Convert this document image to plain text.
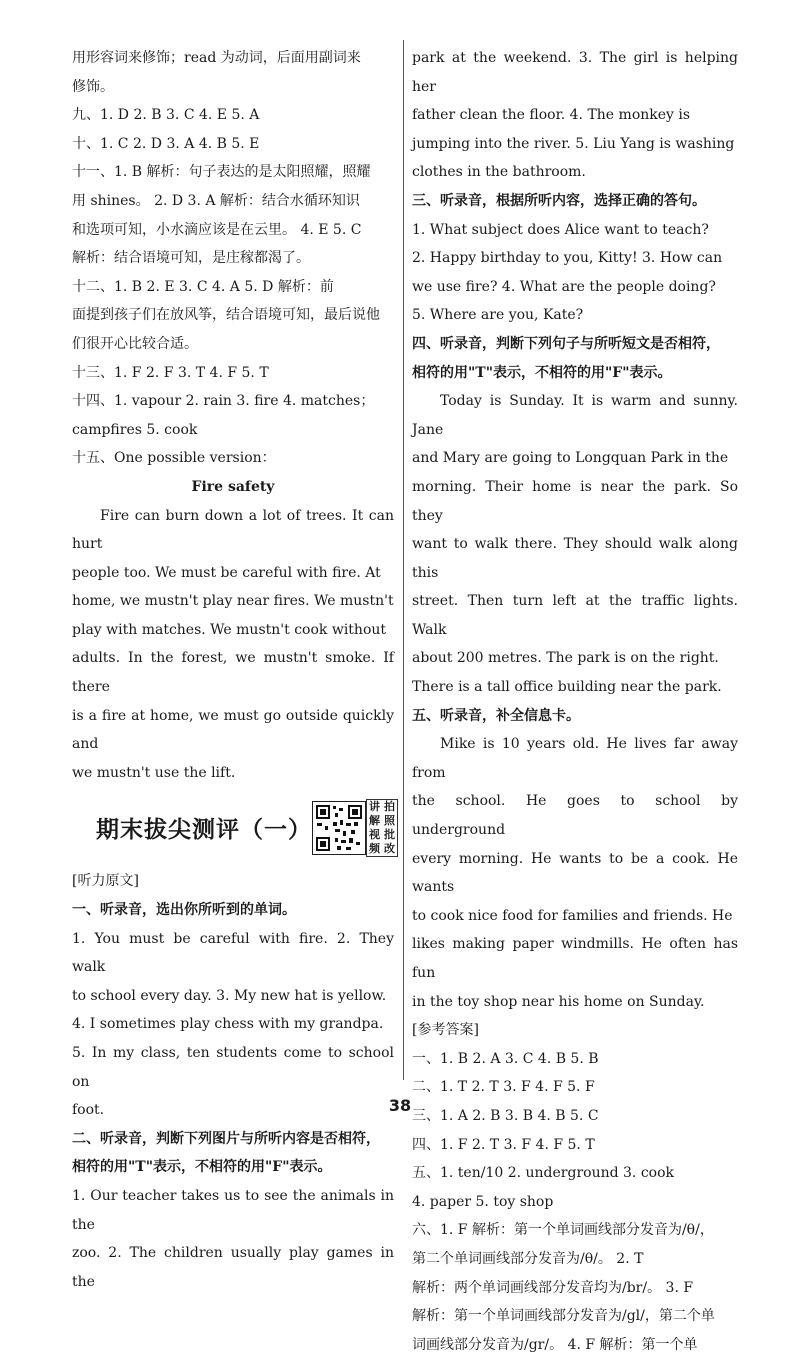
用形容词来修饰；read 为动词，后面用副词来

修饰。

九、1. D 2. B 3. C 4. E 5. A

十、1. C 2. D 3. A 4. B 5. E

十一、1. B 解析：句子表达的是太阳照耀，照耀

用 shines。 2. D 3. A 解析：结合水循环知识

和选项可知，小水滴应该是在云里。 4. E 5. C

解析：结合语境可知，是庄稼都渴了。

十二、1. B 2. E 3. C 4. A 5. D 解析：前

面提到孩子们在放风筝，结合语境可知，最后说他

们很开心比较合适。

十三、1. F 2. F 3. T 4. F 5. T

十四、1. vapour 2. rain 3. fire 4. matches；

campfires 5. cook

十五、One possible version：

Fire safety

Fire can burn down a lot of trees. It can hurt

people too. We must be careful with fire. At

home, we mustn't play near fires. We mustn't

play with matches. We mustn't cook without

adults. In the forest, we mustn't smoke. If there

is a fire at home, we must go outside quickly and

we mustn't use the lift.

期末拔尖测评（一）
讲 拍
解 照
视 批
频 改

[听力原文]

一、听录音，选出你所听到的单词。

1. You must be careful with fire. 2. They walk

to school every day. 3. My new hat is yellow.

4. I sometimes play chess with my grandpa.

5. In my class, ten students come to school on

foot.

二、听录音，判断下列图片与所听内容是否相符，

相符的用"T"表示，不相符的用"F"表示。

1. Our teacher takes us to see the animals in the

zoo. 2. The children usually play games in the

park at the weekend. 3. The girl is helping her

father clean the floor. 4. The monkey is

jumping into the river. 5. Liu Yang is washing

clothes in the bathroom.

三、听录音，根据所听内容，选择正确的答句。

1. What subject does Alice want to teach?

2. Happy birthday to you, Kitty! 3. How can

we use fire? 4. What are the people doing?

5. Where are you, Kate?

四、听录音，判断下列句子与所听短文是否相符，

相符的用"T"表示，不相符的用"F"表示。

Today is Sunday. It is warm and sunny. Jane

and Mary are going to Longquan Park in the

morning. Their home is near the park. So they

want to walk there. They should walk along this

street. Then turn left at the traffic lights. Walk

about 200 metres. The park is on the right.

There is a tall office building near the park.

五、听录音，补全信息卡。

Mike is 10 years old. He lives far away from

the school. He goes to school by underground

every morning. He wants to be a cook. He wants

to cook nice food for families and friends. He

likes making paper windmills. He often has fun

in the toy shop near his home on Sunday.

[参考答案]

一、1. B 2. A 3. C 4. B 5. B

二、1. T 2. T 3. F 4. F 5. F

三、1. A 2. B 3. B 4. B 5. C

四、1. F 2. T 3. F 4. F 5. T

五、1. ten/10 2. underground 3. cook

4. paper 5. toy shop

六、1. F 解析：第一个单词画线部分发音为/θ/，

第二个单词画线部分发音为/θ/。 2. T

解析：两个单词画线部分发音均为/br/。 3. F

解析：第一个单词画线部分发音为/gl/，第二个单

词画线部分发音为/gr/。 4. F 解析：第一个单

38
